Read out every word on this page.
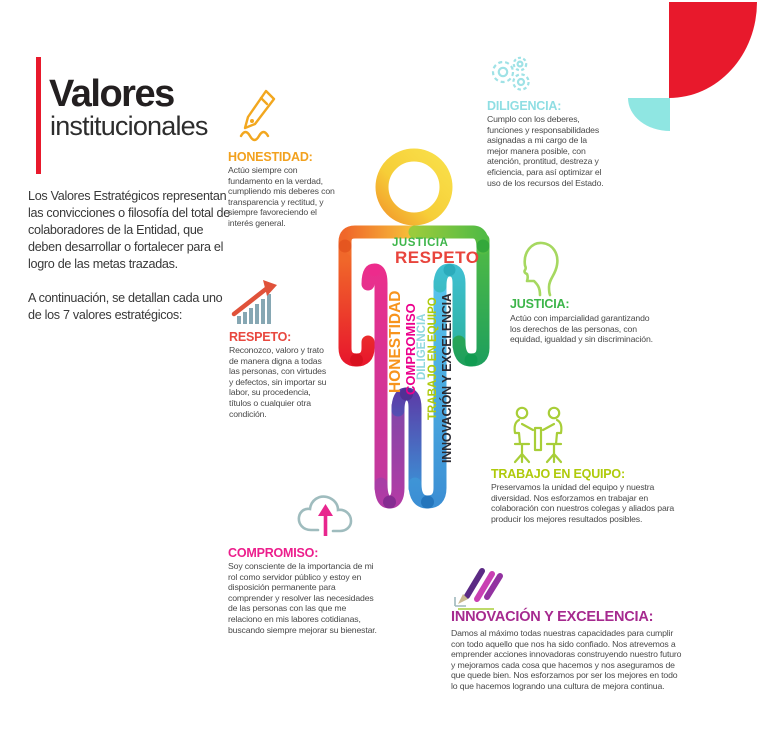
Valores
institucionales
Los Valores Estratégicos representan las convicciones o filosofía del total de colaboradores de la Entidad, que deben desarrollar o fortalecer para el logro de las metas trazadas.
A continuación, se detallan cada uno de los 7 valores estratégicos:
JUSTICIA
RESPETO
HONESTIDAD COMPROMISO
DILIGENCIA TRABAJO EN EQUIPO INNOVACIÓN Y EXCELENCIA
HONESTIDAD:
Actúo siempre con fundamento en la verdad, cumpliendo mis deberes con transparencia y rectitud, y siempre favoreciendo el interés general.
DILIGENCIA:
Cumplo con los deberes, funciones y responsabilidades asignadas a mi cargo de la mejor manera posible, con atención, prontitud, destreza y eficiencia, para así optimizar el uso de los recursos del Estado.
JUSTICIA:
Actúo con imparcialidad garantizando los derechos de las personas, con equidad, igualdad y sin discriminación.
RESPETO:
Reconozco, valoro y trato de manera digna a todas las personas, con virtudes y defectos, sin importar su labor, su procedencia, títulos o cualquier otra condición.
TRABAJO EN EQUIPO:
Preservamos la unidad del equipo y nuestra diversidad. Nos esforzamos en trabajar en colaboración con nuestros colegas y aliados para producir los mejores resultados posibles.
COMPROMISO:
Soy consciente de la importancia de mi rol como servidor público y estoy en disposición permanente para comprender y resolver las necesidades de las personas con las que me relaciono en mis labores cotidianas, buscando siempre mejorar su bienestar.
INNOVACIÓN Y EXCELENCIA:
Damos al máximo todas nuestras capacidades para cumplir con todo aquello que nos ha sido confiado. Nos atrevemos a emprender acciones innovadoras construyendo nuestro futuro y mejoramos cada cosa que hacemos y nos aseguramos de que quede bien. Nos esforzamos por ser los mejores en todo lo que hacemos logrando una cultura de mejora continua.
